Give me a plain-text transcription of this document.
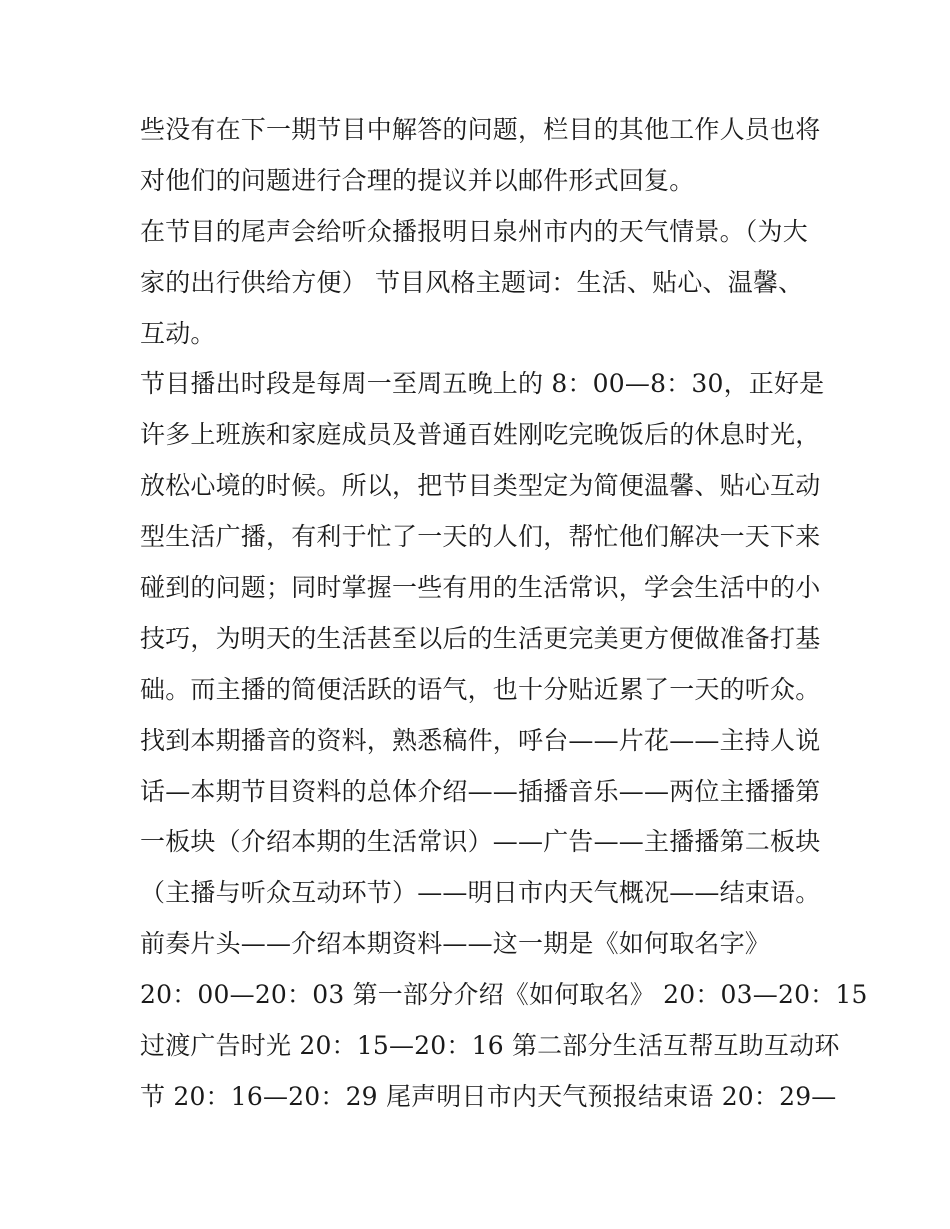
些没有在下一期节目中解答的问题，栏目的其他工作人员也将
对他们的问题进行合理的提议并以邮件形式回复。
在节目的尾声会给听众播报明日泉州市内的天气情景。（为大
家的出行供给方便） 节目风格主题词：生活、贴心、温馨、
互动。
节目播出时段是每周一至周五晚上的 8：00—8：30，正好是
许多上班族和家庭成员及普通百姓刚吃完晚饭后的休息时光，
放松心境的时候。所以，把节目类型定为简便温馨、贴心互动
型生活广播，有利于忙了一天的人们，帮忙他们解决一天下来
碰到的问题；同时掌握一些有用的生活常识，学会生活中的小
技巧，为明天的生活甚至以后的生活更完美更方便做准备打基
础。而主播的简便活跃的语气，也十分贴近累了一天的听众。
找到本期播音的资料，熟悉稿件，呼台——片花——主持人说
话—本期节目资料的总体介绍——插播音乐——两位主播播第
一板块（介绍本期的生活常识）——广告——主播播第二板块
（主播与听众互动环节）——明日市内天气概况——结束语。
前奏片头——介绍本期资料——这一期是《如何取名字》
20：00—20：03 第一部分介绍《如何取名》 20：03—20：15
过渡广告时光 20：15—20：16 第二部分生活互帮互助互动环
节 20：16—20：29 尾声明日市内天气预报结束语 20：29—
